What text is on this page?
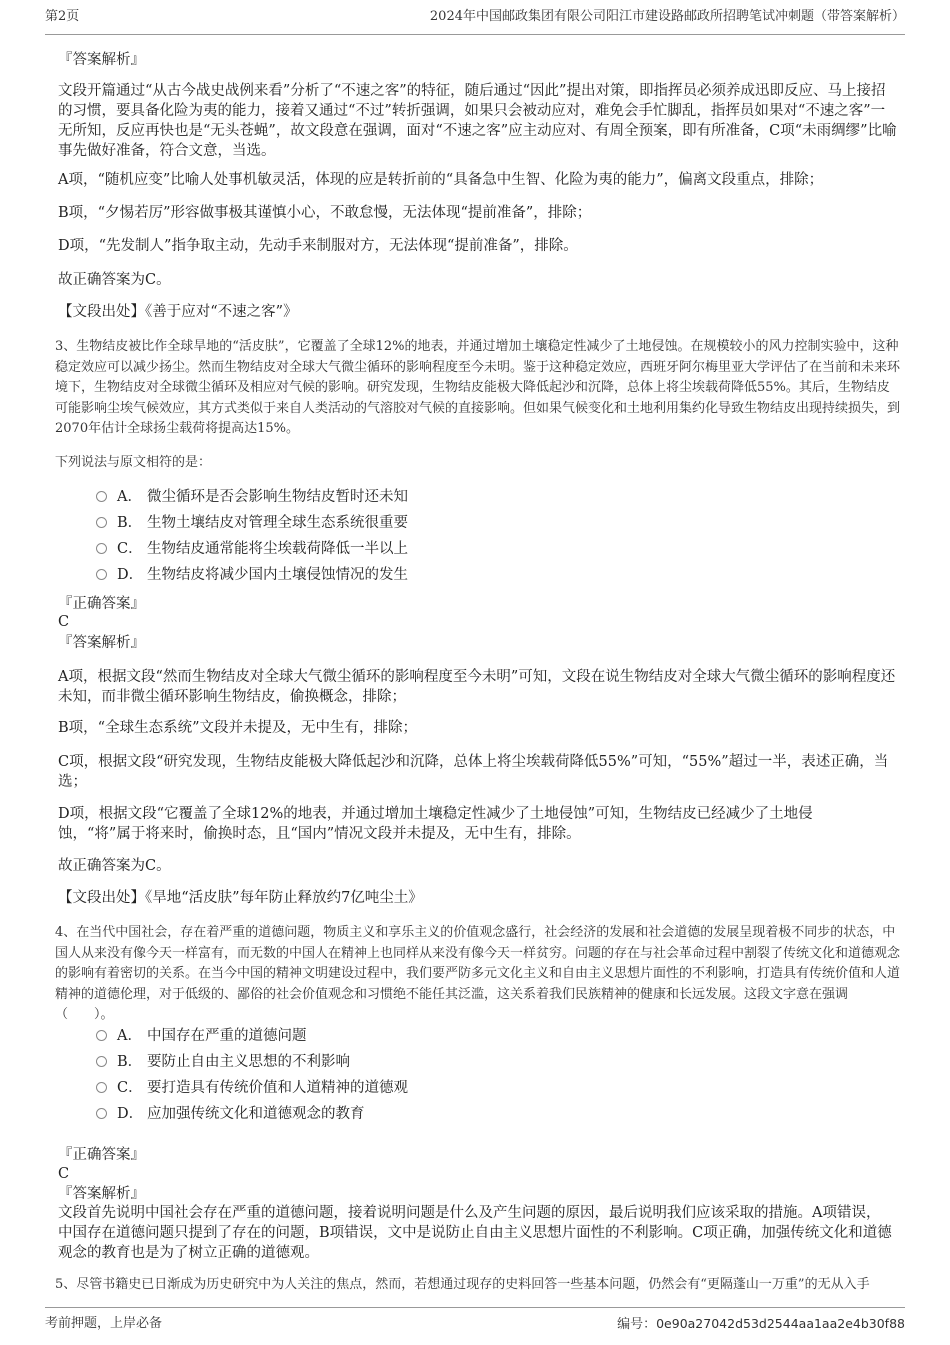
第2页	2024年中国邮政集团有限公司阳江市建设路邮政所招聘笔试冲刺题（带答案解析）
『答案解析』
文段开篇通过“从古今战史战例来看”分析了“不速之客”的特征，随后通过“因此”提出对策，即指挥员必须养成迅即反应、马上接招的习惯，要具备化险为夷的能力，接着又通过“不过”转折强调，如果只会被动应对，难免会手忙脚乱，指挥员如果对“不速之客”一无所知，反应再快也是“无头苍蝇”，故文段意在强调，面对“不速之客”应主动应对、有周全预案，即有所准备，C项“未雨绸缪”比喻事先做好准备，符合文意，当选。
A项，“随机应变”比喻人处事机敏灵活，体现的应是转折前的“具备急中生智、化险为夷的能力”，偏离文段重点，排除；
B项，“夕惕若厉”形容做事极其谨慎小心，不敢怠慢，无法体现“提前准备”，排除；
D项，“先发制人”指争取主动，先动手来制服对方，无法体现“提前准备”，排除。
故正确答案为C。
【文段出处】《善于应对“不速之客”》
3、生物结皮被比作全球旱地的“活皮肤”，它覆盖了全球12%的地表，并通过增加土壤稳定性减少了土地侵蚀。在规模较小的风力控制实验中，这种稳定效应可以减少扬尘。然而生物结皮对全球大气微尘循环的影响程度至今未明。鉴于这种稳定效应，西班牙阿尔梅里亚大学评估了在当前和未来环境下，生物结皮对全球微尘循环及相应对气候的影响。研究发现，生物结皮能极大降低起沙和沉降，总体上将尘埃载荷降低55%。其后，生物结皮可能影响尘埃气候效应，其方式类似于来自人类活动的气溶胶对气候的直接影响。但如果气候变化和土地利用集约化导致生物结皮出现持续损失，到2070年估计全球扬尘载荷将提高达15%。
下列说法与原文相符的是：
A． 微尘循环是否会影响生物结皮暂时还未知
B． 生物土壤结皮对管理全球生态系统很重要
C． 生物结皮通常能将尘埃载荷降低一半以上
D． 生物结皮将减少国内土壤侵蚀情况的发生
『正确答案』
C
『答案解析』
A项，根据文段“然而生物结皮对全球大气微尘循环的影响程度至今未明”可知，文段在说生物结皮对全球大气微尘循环的影响程度还未知，而非微尘循环影响生物结皮，偷换概念，排除；
B项，“全球生态系统”文段并未提及，无中生有，排除；
C项，根据文段“研究发现，生物结皮能极大降低起沙和沉降，总体上将尘埃载荷降低55%”可知，“55%”超过一半，表述正确，当选；
D项，根据文段“它覆盖了全球12%的地表，并通过增加土壤稳定性减少了土地侵蚀”可知，生物结皮已经减少了土地侵蚀，“将”属于将来时，偷换时态，且“国内”情况文段并未提及，无中生有，排除。
故正确答案为C。
【文段出处】《旱地“活皮肤”每年防止释放约7亿吨尘土》
4、在当代中国社会，存在着严重的道德问题，物质主义和享乐主义的价值观念盛行，社会经济的发展和社会道德的发展呈现着极不同步的状态，中国人从来没有像今天一样富有，而无数的中国人在精神上也同样从来没有像今天一样贫穷。问题的存在与社会革命过程中割裂了传统文化和道德观念的影响有着密切的关系。在当今中国的精神文明建设过程中，我们要严防多元文化主义和自由主义思想片面性的不利影响，打造具有传统价值和人道精神的道德伦理，对于低级的、鄙俗的社会价值观念和习惯绝不能任其泛滥，这关系着我们民族精神的健康和长远发展。这段文字意在强调（　　）。
A． 中国存在严重的道德问题
B． 要防止自由主义思想的不利影响
C． 要打造具有传统价值和人道精神的道德观
D． 应加强传统文化和道德观念的教育
『正确答案』
C
『答案解析』
文段首先说明中国社会存在严重的道德问题，接着说明问题是什么及产生问题的原因，最后说明我们应该采取的措施。A项错误，中国存在道德问题只提到了存在的问题，B项错误，文中是说防止自由主义思想片面性的不利影响。C项正确，加强传统文化和道德观念的教育也是为了树立正确的道德观。
5、尽管书籍史已日渐成为历史研究中为人关注的焦点，然而，若想通过现存的史料回答一些基本问题，仍然会有“更隔蓬山一万重”的无从入手
考前押题，上岸必备	编号：0e90a27042d53d2544aa1aa2e4b30f88
